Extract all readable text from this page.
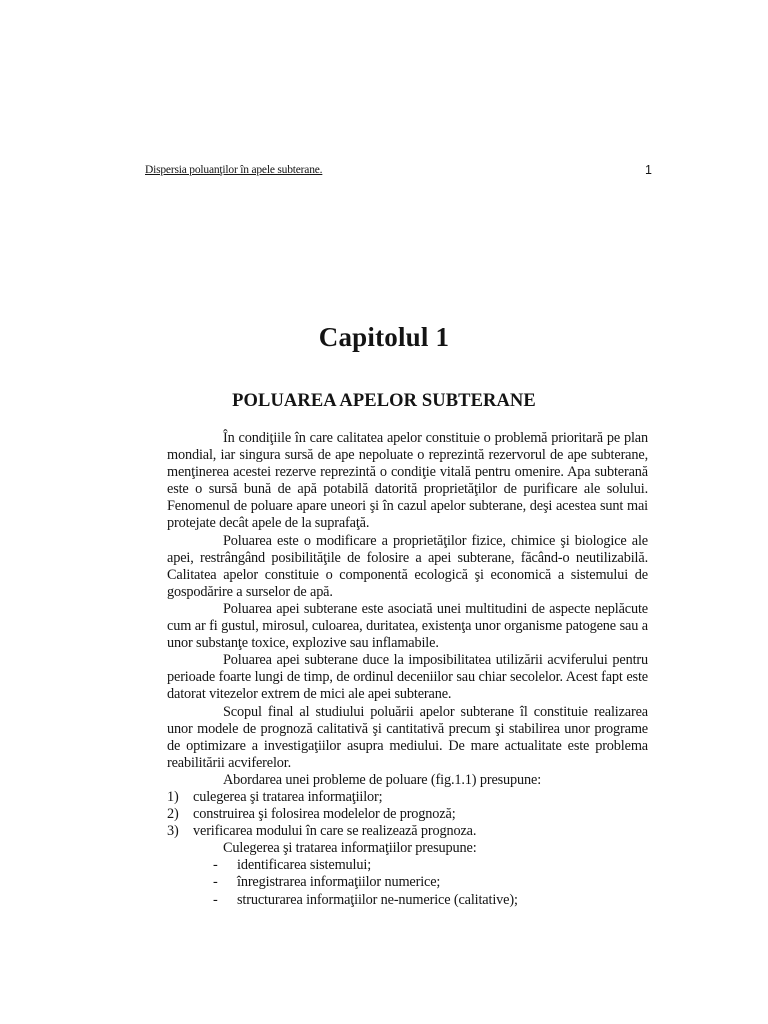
Dispersia poluanţilor în apele subterane.	1
Capitolul 1
POLUAREA APELOR SUBTERANE

În condiţiile în care calitatea apelor constituie o problemă prioritară pe plan mondial, iar singura sursă de ape nepoluate o reprezintă rezervorul de ape subterane, menţinerea acestei rezerve reprezintă o condiţie vitală pentru omenire. Apa subterană este o sursă bună de apă potabilă datorită proprietăţilor de purificare ale solului. Fenomenul de poluare apare uneori şi în cazul apelor subterane, deşi acestea sunt mai protejate decât apele de la suprafaţă.

Poluarea este o modificare a proprietăţilor fizice, chimice şi biologice ale apei, restrângând posibilităţile de folosire a apei subterane, făcând-o neutilizabilă. Calitatea apelor constituie o componentă ecologică şi economică a sistemului de gospodărire a surselor de apă.

Poluarea apei subterane este asociată unei multitudini de aspecte neplăcute cum ar fi gustul, mirosul, culoarea, duritatea, existenţa unor organisme patogene sau a unor substanţe toxice, explozive sau inflamabile.

Poluarea apei subterane duce la imposibilitatea utilizării acviferului pentru perioade foarte lungi de timp, de ordinul deceniilor sau chiar secolelor. Acest fapt este datorat vitezelor extrem de mici ale apei subterane.

Scopul final al studiului poluării apelor subterane îl constituie realizarea unor modele de prognoză calitativă şi cantitativă precum şi stabilirea unor programe de optimizare a investigaţiilor asupra mediului. De mare actualitate este problema reabilitării acviferelor.

Abordarea unei probleme de poluare (fig.1.1) presupune:

1) culegerea şi tratarea informaţiilor;
2) construirea şi folosirea modelelor de prognoză;
3) verificarea modului în care se realizează prognoza.

Culegerea şi tratarea informaţiilor presupune:

- identificarea sistemului;
- înregistrarea informaţiilor numerice;
- structurarea informaţiilor ne-numerice (calitative);
